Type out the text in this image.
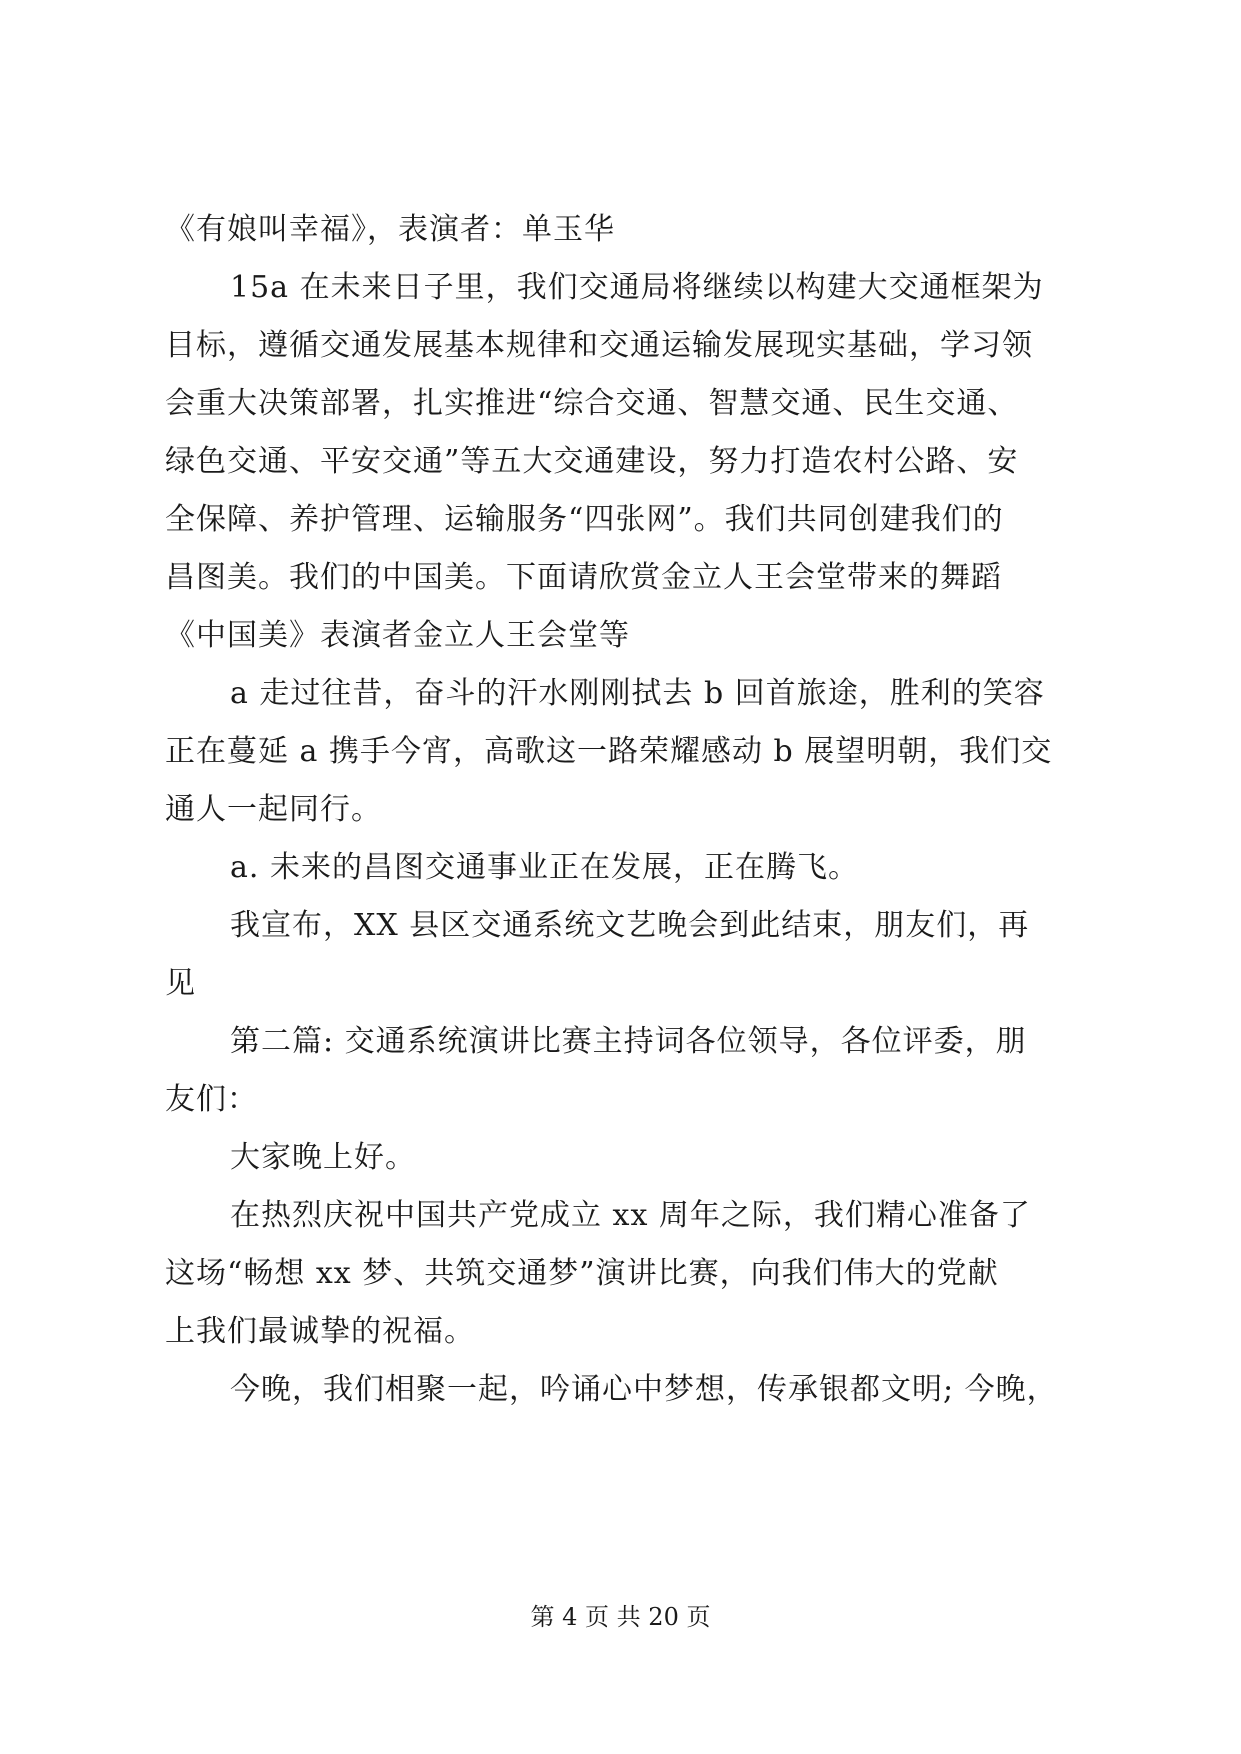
《有娘叫幸福》，表演者：单玉华
15a 在未来日子里，我们交通局将继续以构建大交通框架为
目标，遵循交通发展基本规律和交通运输发展现实基础，学习领
会重大决策部署，扎实推进“综合交通、智慧交通、民生交通、
绿色交通、平安交通”等五大交通建设，努力打造农村公路、安
全保障、养护管理、运输服务“四张网”。我们共同创建我们的
昌图美。我们的中国美。下面请欣赏金立人王会堂带来的舞蹈
《中国美》表演者金立人王会堂等
a 走过往昔，奋斗的汗水刚刚拭去 b 回首旅途，胜利的笑容
正在蔓延 a 携手今宵，高歌这一路荣耀感动 b 展望明朝，我们交
通人一起同行。
a. 未来的昌图交通事业正在发展，正在腾飞。
我宣布，XX 县区交通系统文艺晚会到此结束，朋友们，再
见
第二篇: 交通系统演讲比赛主持词各位领导，各位评委，朋
友们：
大家晚上好。
在热烈庆祝中国共产党成立 xx 周年之际，我们精心准备了
这场“畅想 xx 梦、共筑交通梦”演讲比赛，向我们伟大的党献
上我们最诚挚的祝福。
今晚，我们相聚一起，吟诵心中梦想，传承银都文明; 今晚，
第 4 页 共 20 页
